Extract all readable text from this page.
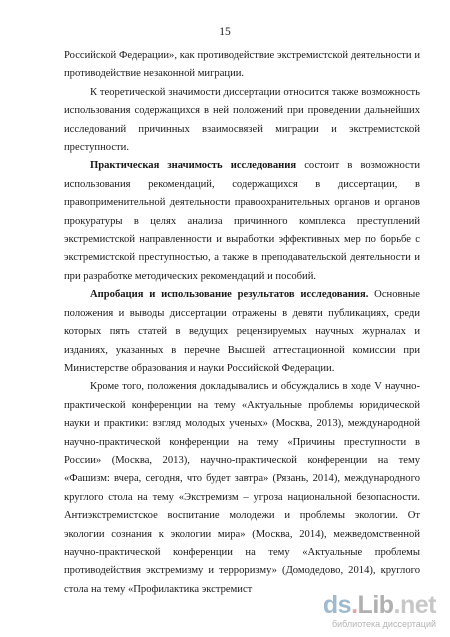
15

Российской Федерации», как противодействие экстремистской деятельности и противодействие незаконной миграции.

К теоретической значимости диссертации относится также возможность использования содержащихся в ней положений при проведении дальнейших исследований причинных взаимосвязей миграции и экстремистской преступности.

Практическая значимость исследования состоит в возможности использования рекомендаций, содержащихся в диссертации, в правоприменительной деятельности правоохранительных органов и органов прокуратуры в целях анализа причинного комплекса преступлений экстремистской направленности и выработки эффективных мер по борьбе с экстремистской преступностью, а также в преподавательской деятельности и при разработке методических рекомендаций и пособий.

Апробация и использование результатов исследования. Основные положения и выводы диссертации отражены в девяти публикациях, среди которых пять статей в ведущих рецензируемых научных журналах и изданиях, указанных в перечне Высшей аттестационной комиссии при Министерстве образования и науки Российской Федерации.

Кроме того, положения докладывались и обсуждались в ходе V научно-практической конференции на тему «Актуальные проблемы юридической науки и практики: взгляд молодых ученых» (Москва, 2013), международной научно-практической конференции на тему «Причины преступности в России» (Москва, 2013), научно-практической конференции на тему «Фашизм: вчера, сегодня, что будет завтра» (Рязань, 2014), международного круглого стола на тему «Экстремизм – угроза национальной безопасности. Антиэкстремистское воспитание молодежи и проблемы экологии. От экологии сознания к экологии мира» (Москва, 2014), межведомственной научно-практической конференции на тему «Актуальные проблемы противодействия экстремизму и терроризму» (Домодедово, 2014), круглого стола на тему «Профилактика экстремист

ds.Lib.net
библиотека диссертаций
